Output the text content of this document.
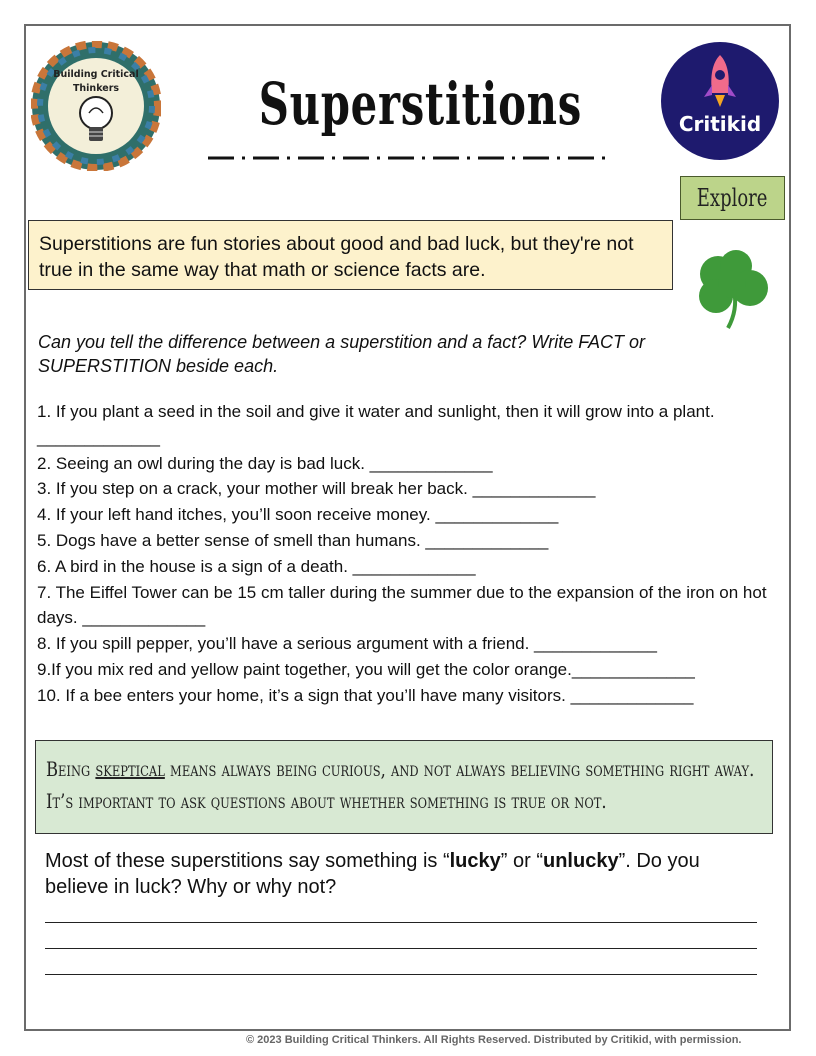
Building Critical
Thinkers Superstitions	Critikid
Explore
Superstitions are fun stories about good and bad luck, but they're not true in the same way that math or science facts are.

Can you tell the difference between a superstition and a fact? Write FACT or SUPERSTITION beside each.

1. If you plant a seed in the soil and give it water and sunlight, then it will grow into a plant. _____________
2. Seeing an owl during the day is bad luck. _____________
3. If you step on a crack, your mother will break her back. _____________
4. If your left hand itches, you’ll soon receive money. _____________
5. Dogs have a better sense of smell than humans. _____________
6. A bird in the house is a sign of a death. _____________
7. The Eiffel Tower can be 15 cm taller during the summer due to the expansion of the iron on hot days. _____________
8. If you spill pepper, you’ll have a serious argument with a friend. _____________
9.If you mix red and yellow paint together, you will get the color orange._____________
10. If a bee enters your home, it’s a sign that you’ll have many visitors. _____________
Being skeptical means always being curious, and not always believing something right away.
It’s important to ask questions about whether something is true or not.

Most of these superstitions say something is “lucky” or “unlucky”. Do you believe in luck? Why or why not?

© 2023 Building Critical Thinkers. All Rights Reserved. Distributed by Critikid, with permission.
